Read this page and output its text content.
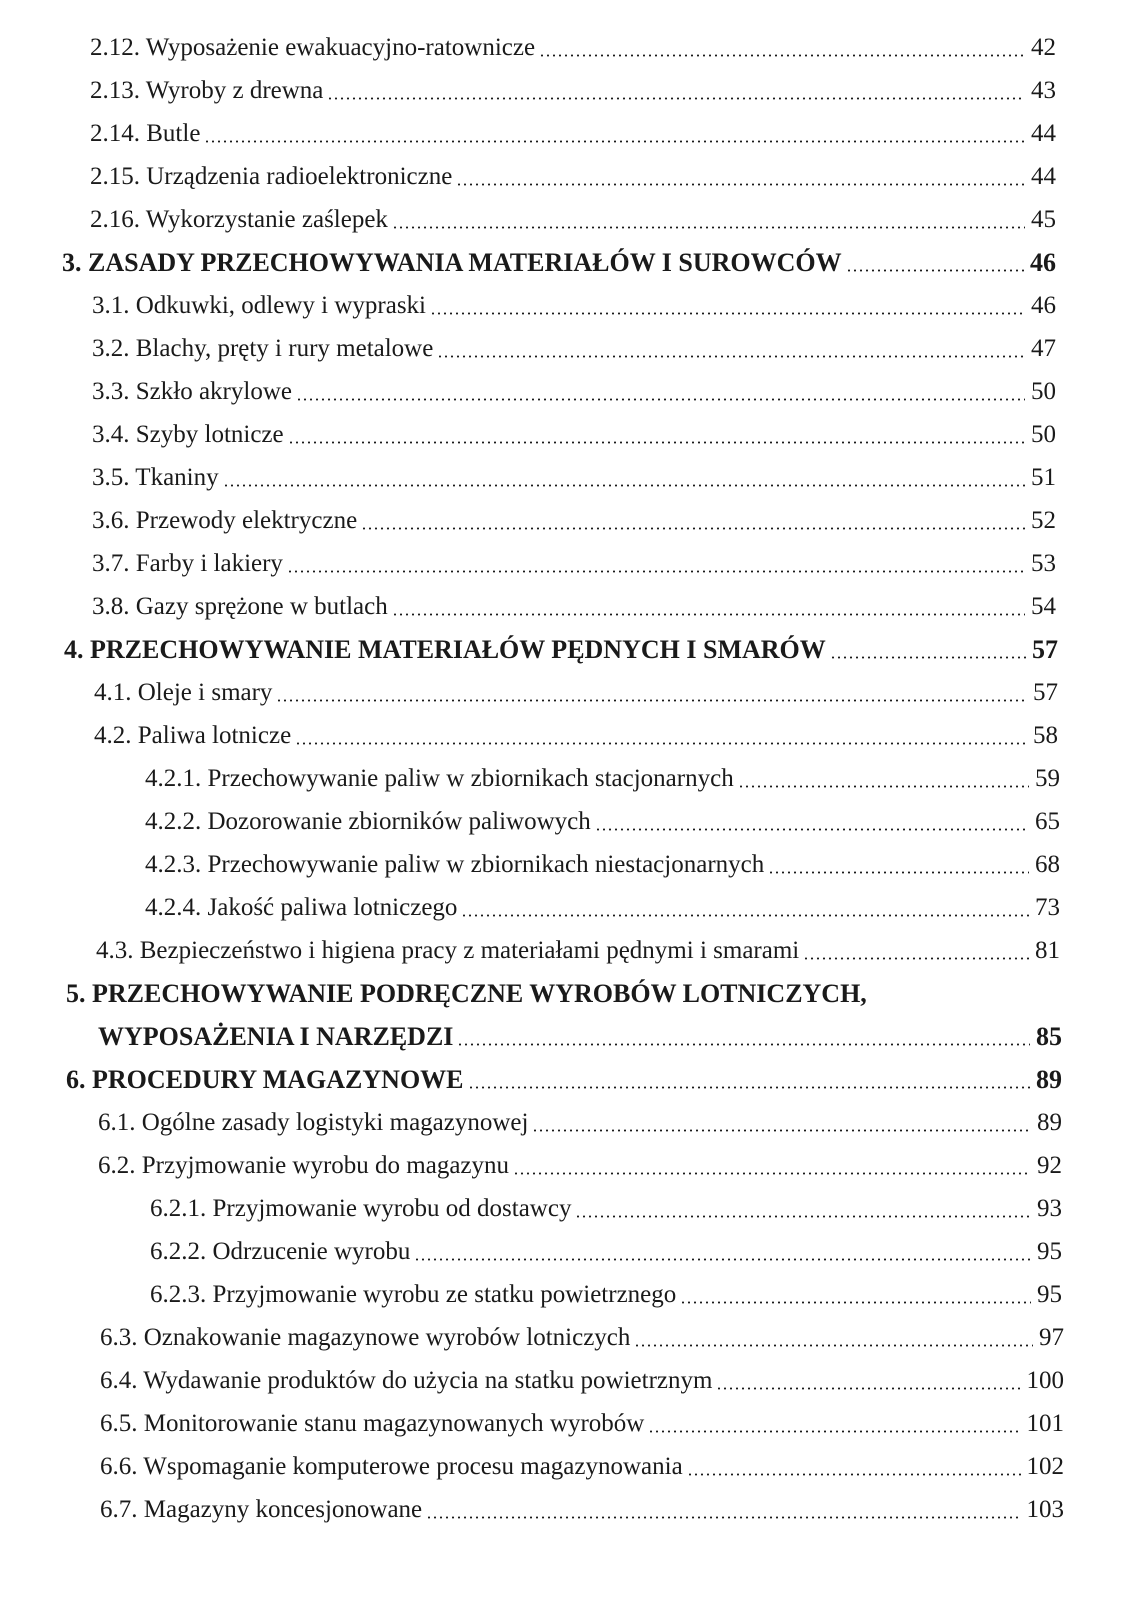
2.12. Wyposażenie ewakuacyjno-ratownicze	42
2.13. Wyroby z drewna	43
2.14. Butle	44
2.15. Urządzenia radioelektroniczne	44
2.16. Wykorzystanie zaślepek	45
3. ZASADY PRZECHOWYWANIA MATERIAŁÓW I SUROWCÓW	46
3.1. Odkuwki, odlewy i wypraski	46
3.2. Blachy, pręty i rury metalowe	47
3.3. Szkło akrylowe	50
3.4. Szyby lotnicze	50
3.5. Tkaniny	51
3.6. Przewody elektryczne	52
3.7. Farby i lakiery	53
3.8. Gazy sprężone w butlach	54
4. PRZECHOWYWANIE MATERIAŁÓW PĘDNYCH I SMARÓW	57
4.1. Oleje i smary	57
4.2. Paliwa lotnicze	58
4.2.1. Przechowywanie paliw w zbiornikach stacjonarnych	59
4.2.2. Dozorowanie zbiorników paliwowych	65
4.2.3. Przechowywanie paliw w zbiornikach niestacjonarnych	68
4.2.4. Jakość paliwa lotniczego	73
4.3. Bezpieczeństwo i higiena pracy z materiałami pędnymi i smarami	81
5. PRZECHOWYWANIE PODRĘCZNE WYROBÓW LOTNICZYCH,
WYPOSAŻENIA I NARZĘDZI	85
6. PROCEDURY MAGAZYNOWE	89
6.1. Ogólne zasady logistyki magazynowej	89
6.2. Przyjmowanie wyrobu do magazynu	92
6.2.1. Przyjmowanie wyrobu od dostawcy	93
6.2.2. Odrzucenie wyrobu	95
6.2.3. Przyjmowanie wyrobu ze statku powietrznego	95
6.3. Oznakowanie magazynowe wyrobów lotniczych	97
6.4. Wydawanie produktów do użycia na statku powietrznym	100
6.5. Monitorowanie stanu magazynowanych wyrobów	101
6.6. Wspomaganie komputerowe procesu magazynowania	102
6.7. Magazyny koncesjonowane	103
